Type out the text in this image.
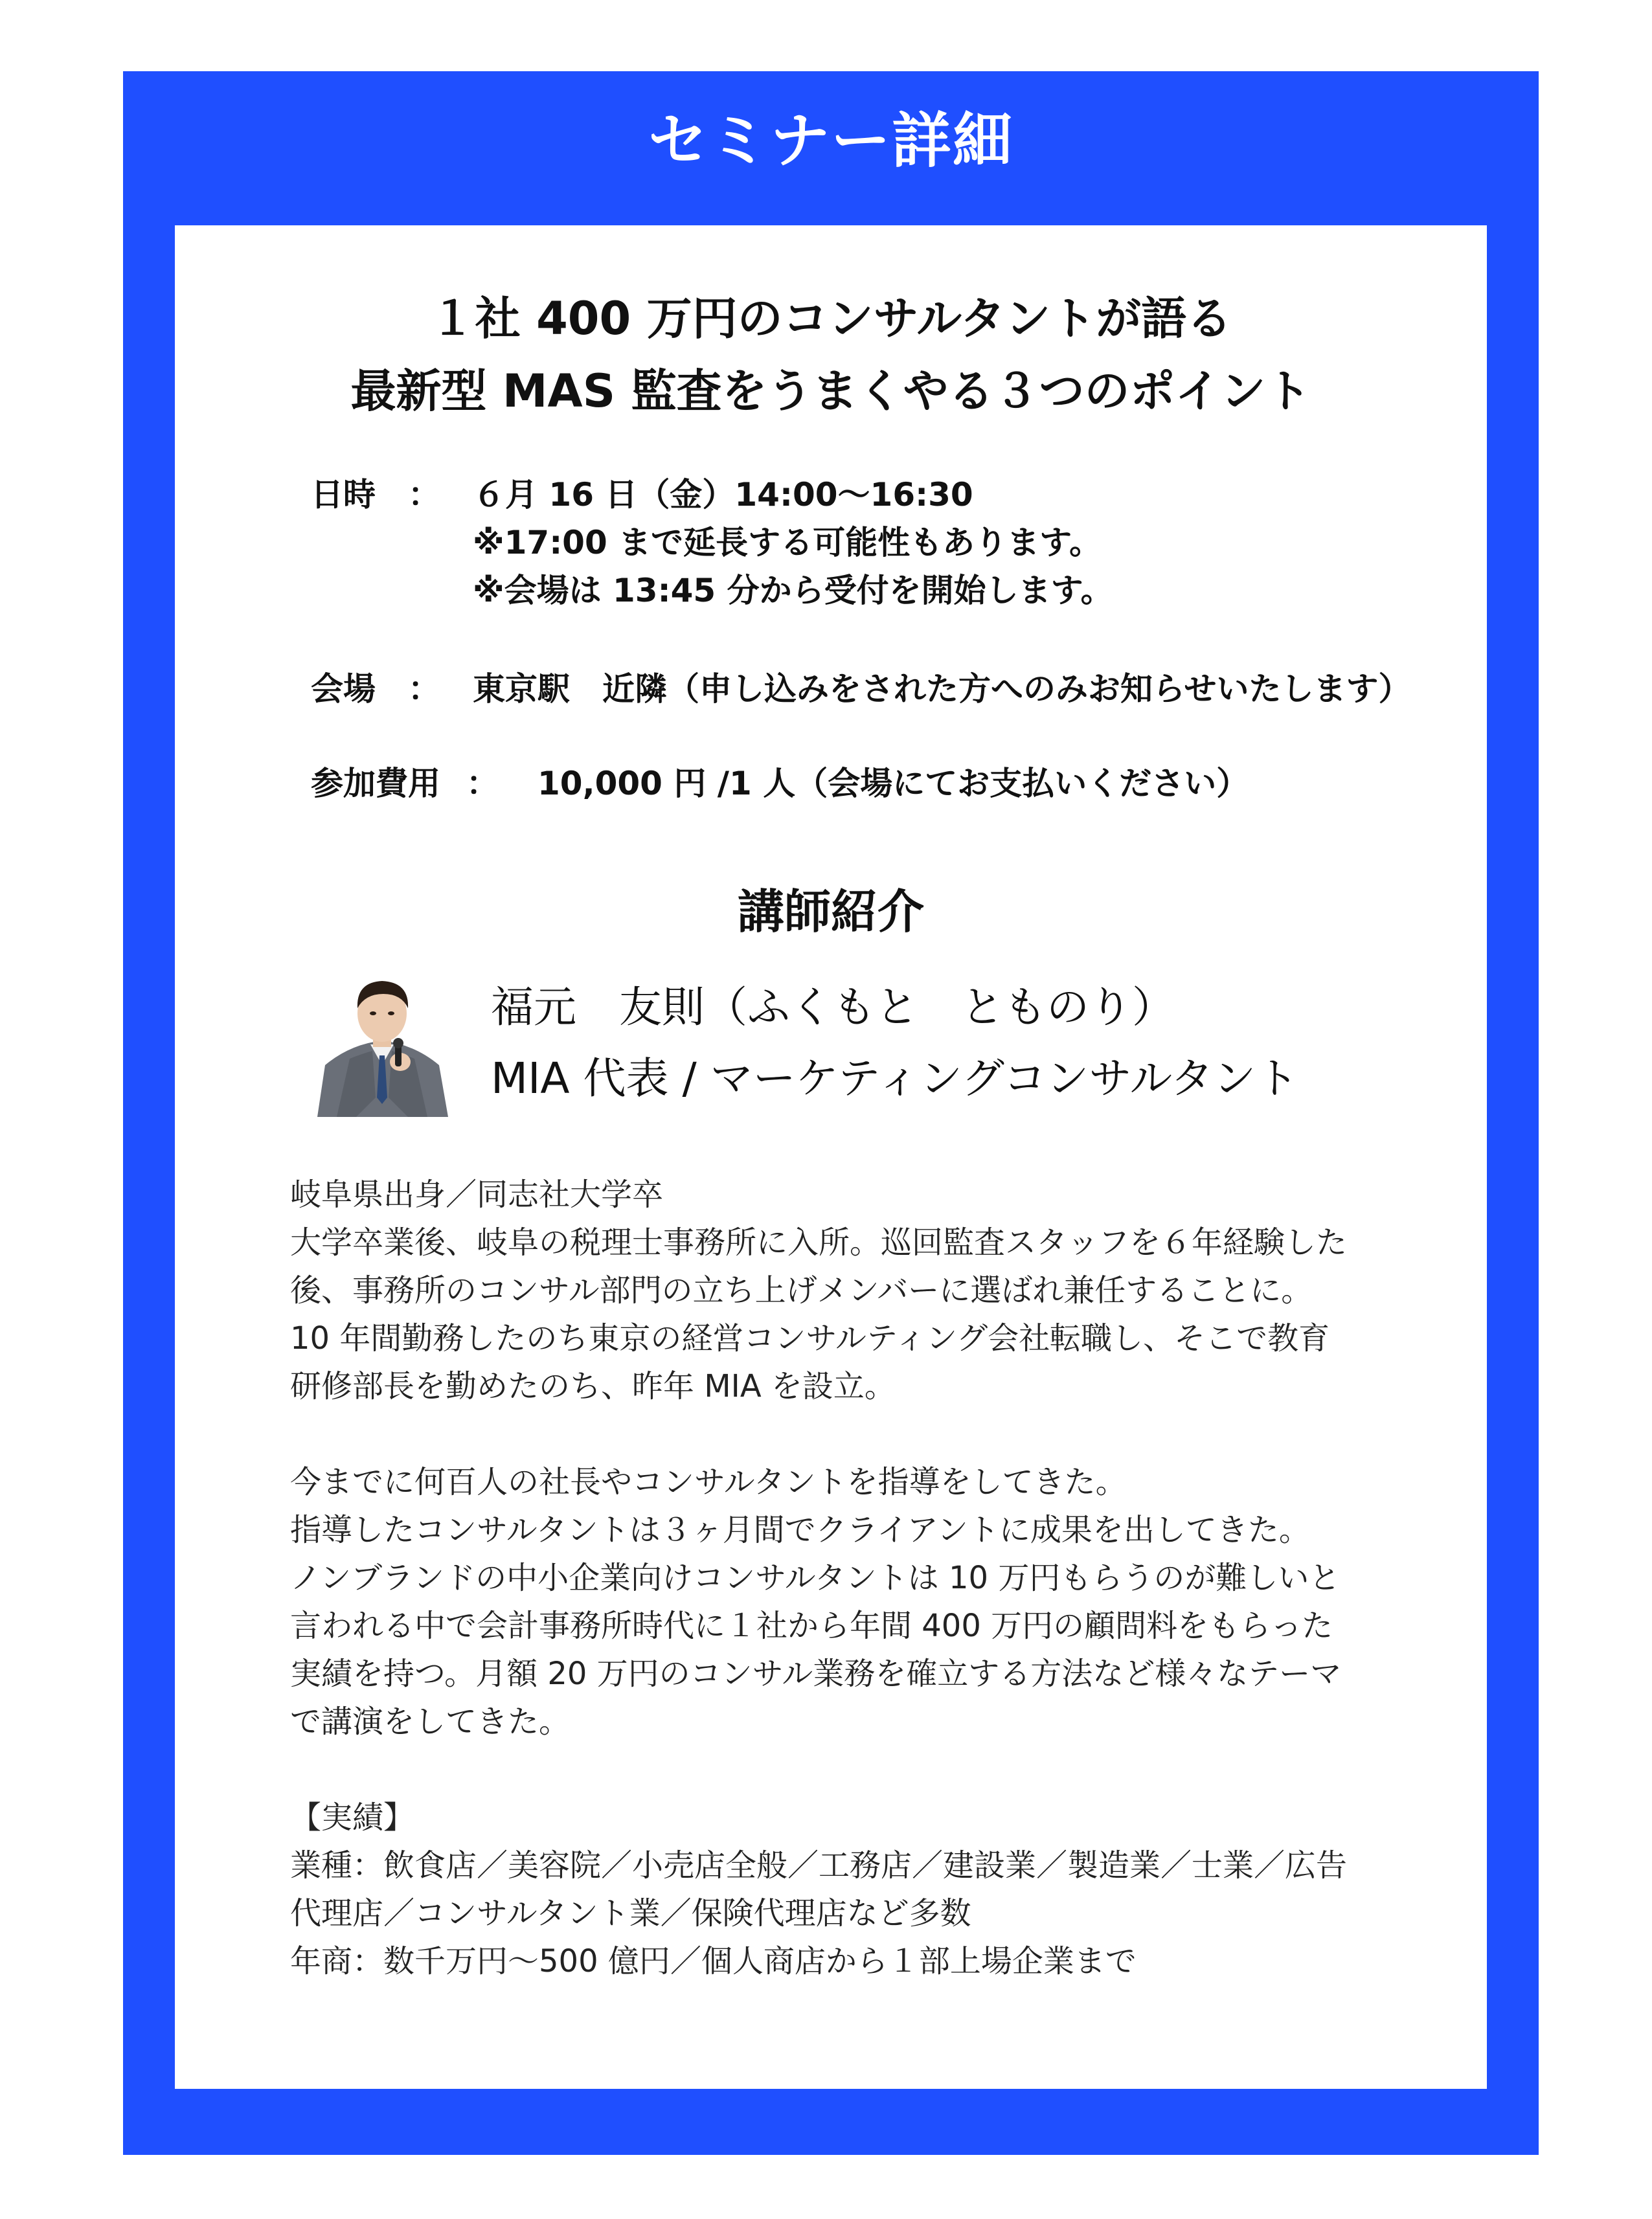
セミナー詳細
１社 400 万円のコンサルタントが語る
最新型 MAS 監査をうまくやる３つのポイント
日時 ： ６月 16 日（金）14:00〜16:30
※17:00 まで延長する可能性もあります。
※会場は 13:45 分から受付を開始します。
会場 ： 東京駅　近隣（申し込みをされた方へのみお知らせいたします）
参加費用 ： 10,000 円 /1 人（会場にてお支払いください）
講師紹介
福元　友則（ふくもと　とものり）
MIA 代表 / マーケティングコンサルタント
岐阜県出身／同志社大学卒
大学卒業後、岐阜の税理士事務所に入所。巡回監査スタッフを６年経験した
後、事務所のコンサル部門の立ち上げメンバーに選ばれ兼任することに。
10 年間勤務したのち東京の経営コンサルティング会社転職し、そこで教育
研修部長を勤めたのち、昨年 MIA を設立。
今までに何百人の社長やコンサルタントを指導をしてきた。
指導したコンサルタントは３ヶ月間でクライアントに成果を出してきた。
ノンブランドの中小企業向けコンサルタントは 10 万円もらうのが難しいと
言われる中で会計事務所時代に１社から年間 400 万円の顧問料をもらった
実績を持つ。月額 20 万円のコンサル業務を確立する方法など様々なテーマ
で講演をしてきた。
【実績】
業種：飲食店／美容院／小売店全般／工務店／建設業／製造業／士業／広告
代理店／コンサルタント業／保険代理店など多数
年商：数千万円〜500 億円／個人商店から１部上場企業まで
